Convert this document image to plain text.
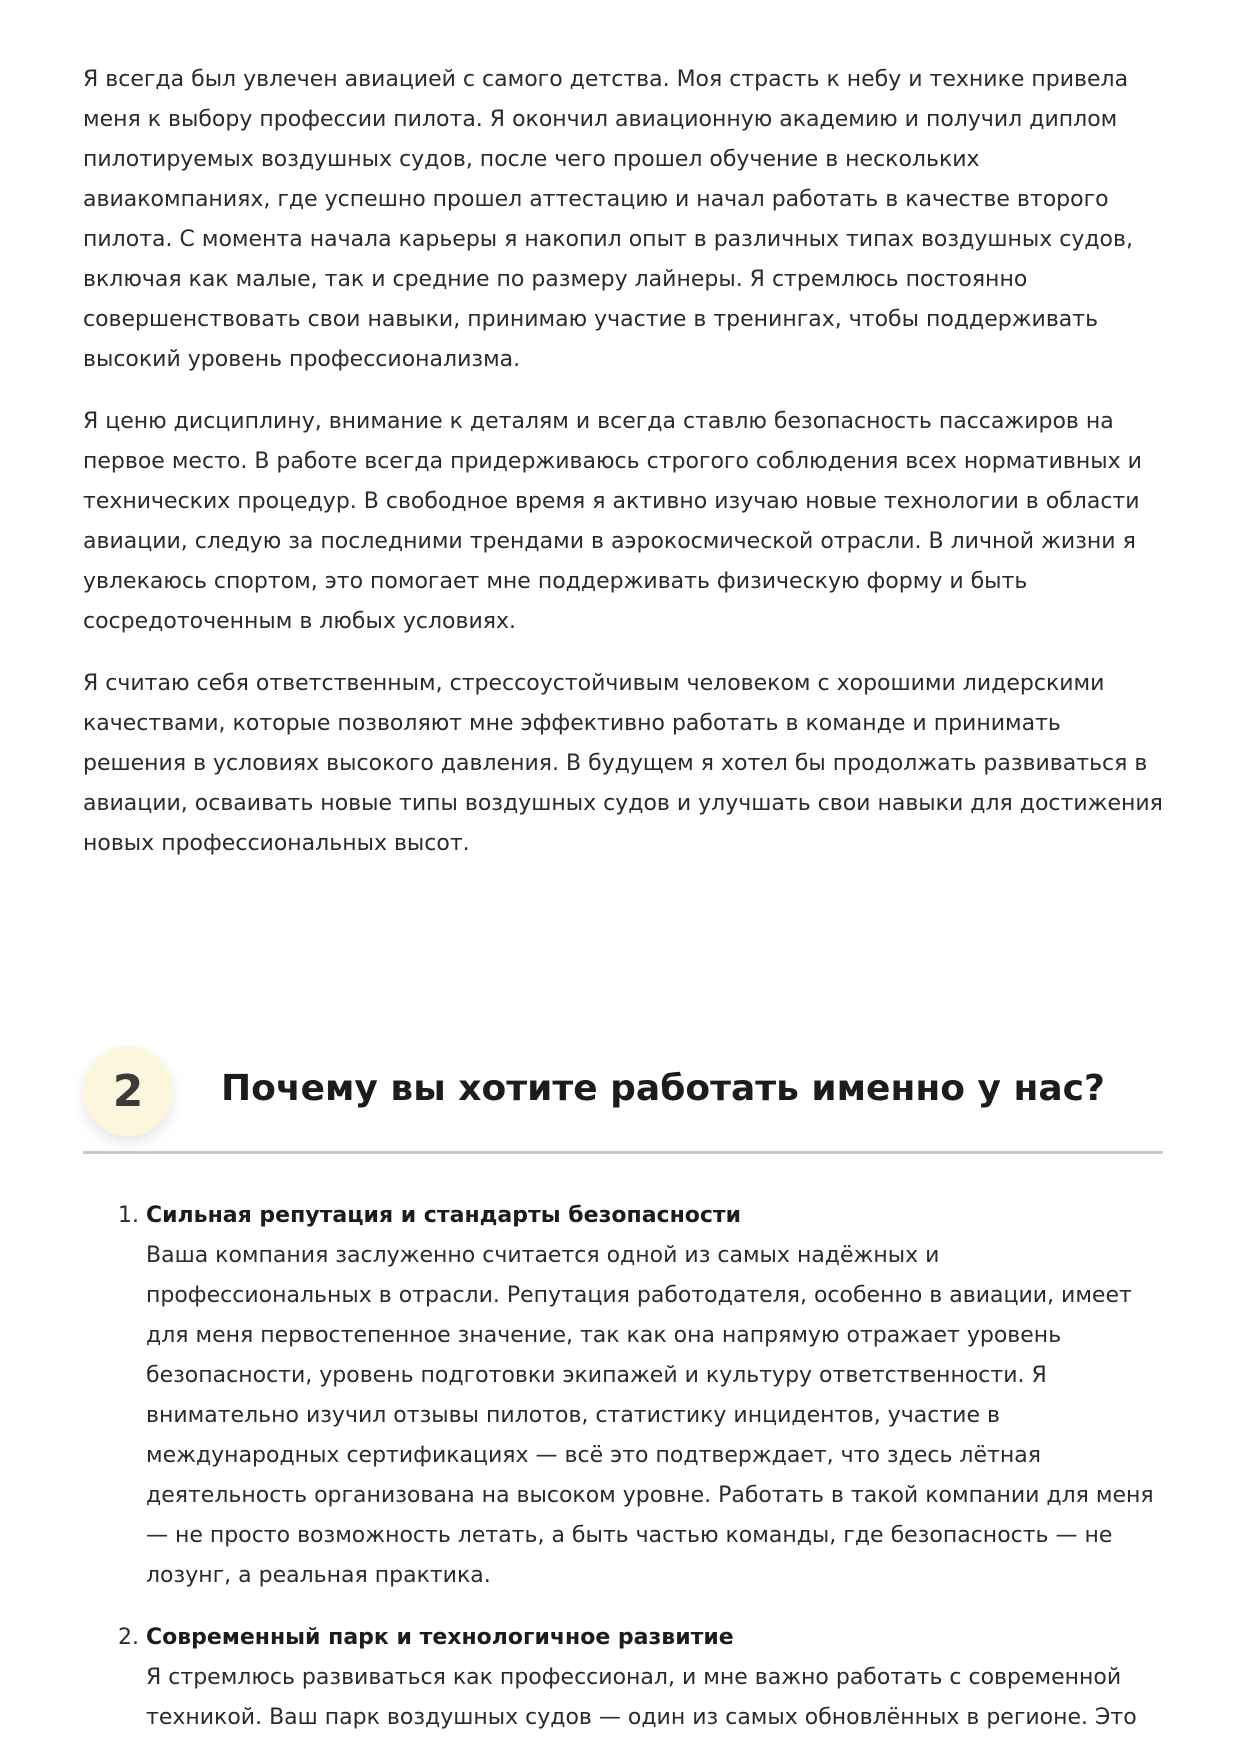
Я всегда был увлечен авиацией с самого детства. Моя страсть к небу и технике привела меня к выбору профессии пилота. Я окончил авиационную академию и получил диплом пилотируемых воздушных судов, после чего прошел обучение в нескольких авиакомпаниях, где успешно прошел аттестацию и начал работать в качестве второго пилота. С момента начала карьеры я накопил опыт в различных типах воздушных судов, включая как малые, так и средние по размеру лайнеры. Я стремлюсь постоянно совершенствовать свои навыки, принимаю участие в тренингах, чтобы поддерживать высокий уровень профессионализма.

Я ценю дисциплину, внимание к деталям и всегда ставлю безопасность пассажиров на первое место. В работе всегда придерживаюсь строгого соблюдения всех нормативных и технических процедур. В свободное время я активно изучаю новые технологии в области авиации, следую за последними трендами в аэрокосмической отрасли. В личной жизни я увлекаюсь спортом, это помогает мне поддерживать физическую форму и быть сосредоточенным в любых условиях.

Я считаю себя ответственным, стрессоустойчивым человеком с хорошими лидерскими качествами, которые позволяют мне эффективно работать в команде и принимать решения в условиях высокого давления. В будущем я хотел бы продолжать развиваться в авиации, осваивать новые типы воздушных судов и улучшать свои навыки для достижения новых профессиональных высот.

2	Почему вы хотите работать именно у нас?
1. Сильная репутация и стандарты безопасности
Ваша компания заслуженно считается одной из самых надёжных и профессиональных в отрасли. Репутация работодателя, особенно в авиации, имеет для меня первостепенное значение, так как она напрямую отражает уровень безопасности, уровень подготовки экипажей и культуру ответственности. Я внимательно изучил отзывы пилотов, статистику инцидентов, участие в международных сертификациях — всё это подтверждает, что здесь лётная деятельность организована на высоком уровне. Работать в такой компании для меня — не просто возможность летать, а быть частью команды, где безопасность — не лозунг, а реальная практика.
2. Современный парк и технологичное развитие
Я стремлюсь развиваться как профессионал, и мне важно работать с современной техникой. Ваш парк воздушных судов — один из самых обновлённых в регионе. Это
